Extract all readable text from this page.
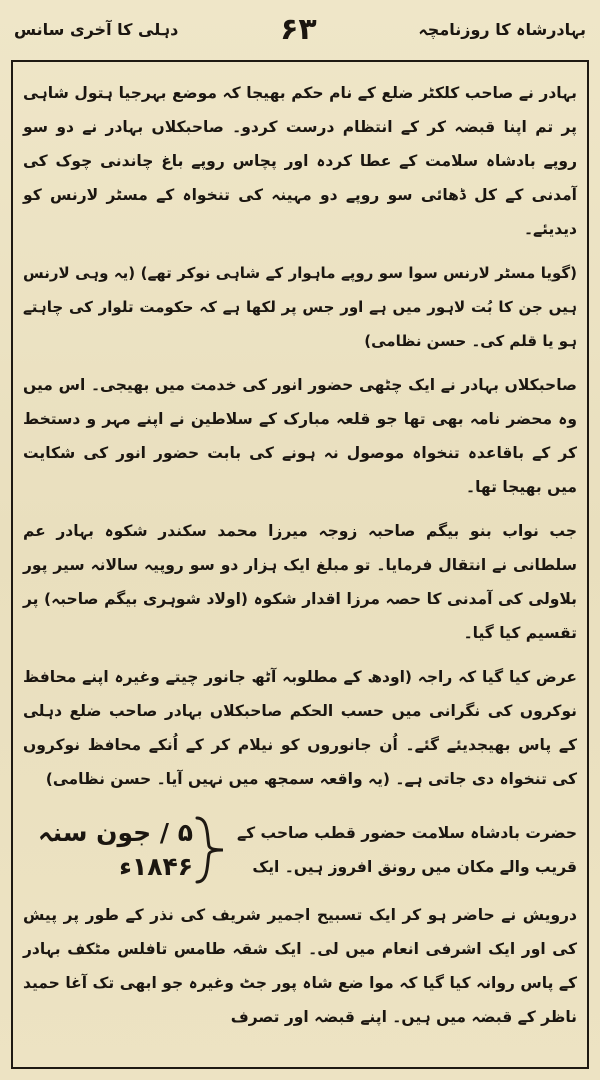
بہادرشاہ کا روزنامچہ
۶۳
دہلی کا آخری سانس

بہادر نے صاحب کلکٹر ضلع کے نام حکم بھیجا کہ موضع بہرجیا ہتول شاہی پر تم اپنا قبضہ کر کے انتظام درست کردو۔ صاحبکلاں بہادر نے دو سو روپے بادشاہ سلامت کے عطا کردہ اور پچاس روپے باغ چاندنی چوک کی آمدنی کے کل ڈھائی سو روپے دو مہینہ کی تنخواہ کے مسٹر لارنس کو دیدیئے۔

(گویا مسٹر لارنس سوا سو روپے ماہوار کے شاہی نوکر تھے) (یہ وہی لارنس ہیں جن کا بُت لاہور میں ہے اور جس پر لکھا ہے کہ حکومت تلوار کی چاہتے ہو یا قلم کی۔ حسن نظامی)

صاحبکلاں بہادر نے ایک چٹھی حضور انور کی خدمت میں بھیجی۔ اس میں وہ محضر نامہ بھی تھا جو قلعہ مبارک کے سلاطین نے اپنے مہر و دستخط کر کے باقاعدہ تنخواہ موصول نہ ہونے کی بابت حضور انور کی شکایت میں بھیجا تھا۔

جب نواب بنو بیگم صاحبہ زوجہ میرزا محمد سکندر شکوہ بہادر عم سلطانی نے انتقال فرمایا۔ تو مبلغ ایک ہزار دو سو روپیہ سالانہ سیر پور بلاولی کی آمدنی کا حصہ مرزا اقدار شکوہ (اولاد شوہری بیگم صاحبہ) پر تقسیم کیا گیا۔

عرض کیا گیا کہ راجہ (اودھ کے مطلوبہ آٹھ جانور چیتے وغیرہ اپنے محافظ نوکروں کی نگرانی میں حسب الحکم صاحبکلاں بہادر صاحب ضلع دہلی کے پاس بھیجدیئے گئے۔ اُن جانوروں کو نیلام کر کے اُنکے محافظ نوکروں کی تنخواہ دی جاتی ہے۔ (یہ واقعہ سمجھ میں نہیں آیا۔ حسن نظامی)

حضرت بادشاہ سلامت حضور قطب صاحب کے
قریب والے مکان میں رونق افروز ہیں۔ ایک
۵ / جون سنہ ۱۸۴۶ء

درویش نے حاضر ہو کر ایک تسبیح اجمیر شریف کی نذر کے طور پر پیش کی اور ایک اشرفی انعام میں لی۔ ایک شقہ طامس تافلس مٹکف بہادر کے پاس روانہ کیا گیا کہ موا ضع شاہ پور جٹ وغیرہ جو ابھی تک آغا حمید ناظر کے قبضہ میں ہیں۔ اپنے قبضہ اور تصرف
